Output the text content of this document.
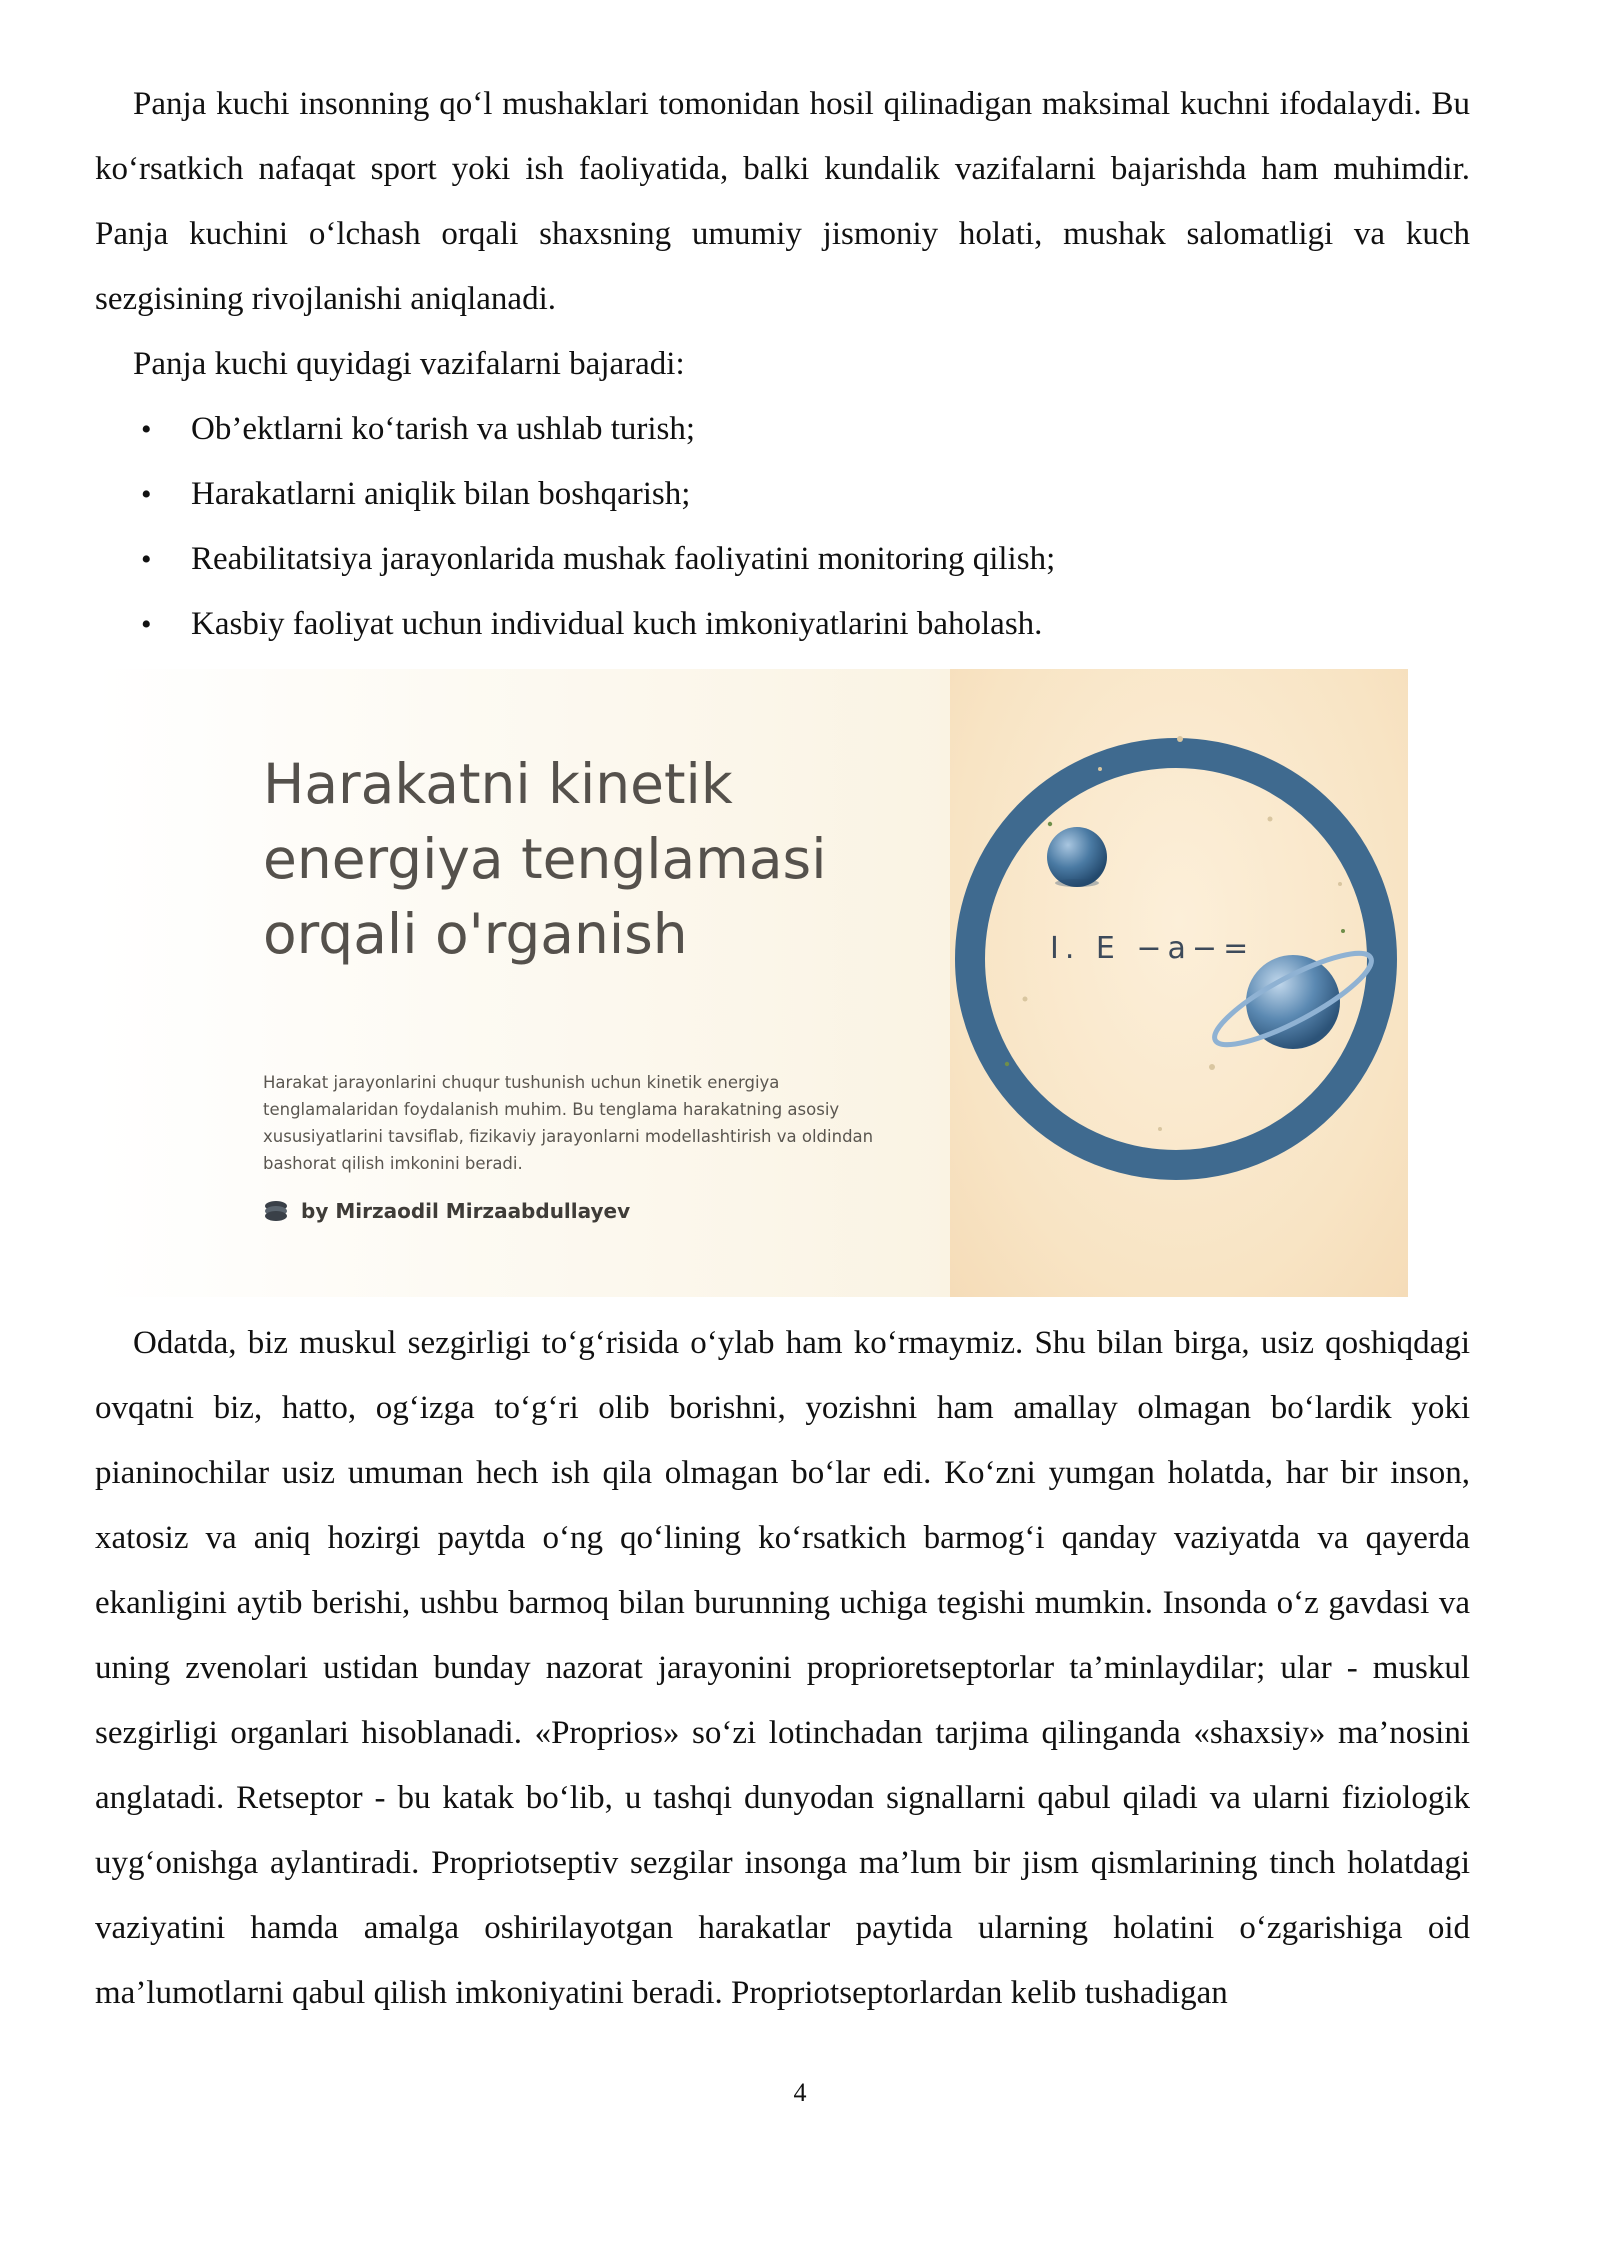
Panja kuchi insonning qo‘l mushaklari tomonidan hosil qilinadigan maksimal kuchni ifodalaydi. Bu ko‘rsatkich nafaqat sport yoki ish faoliyatida, balki kundalik vazifalarni bajarishda ham muhimdir. Panja kuchini o‘lchash orqali shaxsning umumiy jismoniy holati, mushak salomatligi va kuch sezgisining rivojlanishi aniqlanadi.

Panja kuchi quyidagi vazifalarni bajaradi:

• Ob’ektlarni ko‘tarish va ushlab turish;
• Harakatlarni aniqlik bilan boshqarish;
• Reabilitatsiya jarayonlarida mushak faoliyatini monitoring qilish;
• Kasbiy faoliyat uchun individual kuch imkoniyatlarini baholash.
Harakatni kinetik
energiya tenglamasi
orqali o'rganish
Harakat jarayonlarini chuqur tushunish uchun kinetik energiya tenglamalaridan foydalanish muhim. Bu tenglama harakatning asosiy xususiyatlarini tavsiflab, fizikaviy jarayonlarni modellashtirish va oldindan bashorat qilish imkonini beradi.
by Mirzaodil Mirzaabdullayev
I. E −a−=

Odatda, biz muskul sezgirligi to‘g‘risida o‘ylab ham ko‘rmaymiz. Shu bilan birga, usiz qoshiqdagi ovqatni biz, hatto, og‘izga to‘g‘ri olib borishni, yozishni ham amallay olmagan bo‘lardik yoki pianinochilar usiz umuman hech ish qila olmagan bo‘lar edi. Ko‘zni yumgan holatda, har bir inson, xatosiz va aniq hozirgi paytda o‘ng qo‘lining ko‘rsatkich barmog‘i qanday vaziyatda va qayerda ekanligini aytib berishi, ushbu barmoq bilan burunning uchiga tegishi mumkin. Insonda o‘z gavdasi va uning zvenolari ustidan bunday nazorat jarayonini proprioretseptorlar ta’minlaydilar; ular - muskul sezgirligi organlari hisoblanadi. «Proprios» so‘zi lotinchadan tarjima qilinganda «shaxsiy» ma’nosini anglatadi. Retseptor - bu katak bo‘lib, u tashqi dunyodan signallarni qabul qiladi va ularni fiziologik uyg‘onishga aylantiradi. Propriotseptiv sezgilar insonga ma’lum bir jism qismlarining tinch holatdagi vaziyatini hamda amalga oshirilayotgan harakatlar paytida ularning holatini o‘zgarishiga oid ma’lumotlarni qabul qilish imkoniyatini beradi. Propriotseptorlardan kelib tushadigan

4
